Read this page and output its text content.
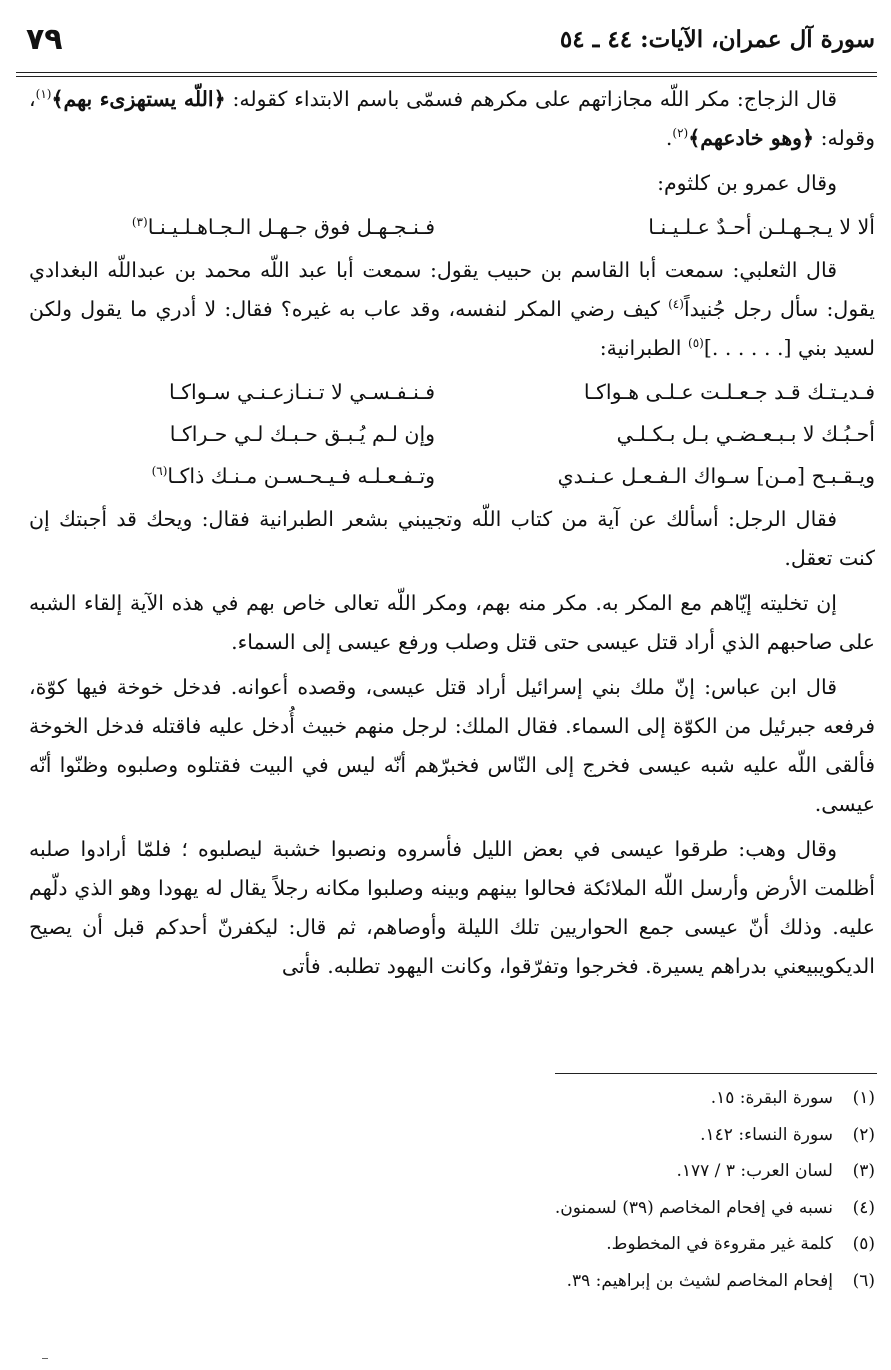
سورة آل عمران، الآيات: ٤٤ ـ ٥٤
٧٩

قال الزجاج: مكر اللّه مجازاتهم على مكرهم فسمّى باسم الابتداء كقوله: ﴿اللّه يستهزىء بهم﴾$^{(١)}$، وقوله: ﴿وهو خادعهم﴾$^{(٢)}$.

وقال عمرو بن كلثوم:

ألا لا يـجـهـلـن أحـدٌ عـلـيـنـا
فـنـجـهـل فوق جـهـل الـجـاهـلـيـنـا$^{(٣)}$

قال الثعلبي: سمعت أبا القاسم بن حبيب يقول: سمعت أبا عبد اللّه محمد بن عبداللّه البغدادي يقول: سأل رجل جُنيداً$^{(٤)}$ كيف رضي المكر لنفسه، وقد عاب به غيره؟ فقال: لا أدري ما يقول ولكن لسيد بني [. . . . . .]$^{(٥)}$ الطبرانية:

فـديـتـك قـد جـعـلـت عـلـى هـواكـا
فـنـفـسـي لا تـنـازعـنـي سـواكـا
أحـبُـك لا بـبـعـضـي بـل بـكـلـي
وإن لـم يُـبـق حـبـك لـي حـراكـا
ويـقـبـح [مـن] سـواك الـفـعـل عـنـدي
وتـفـعـلـه فـيـحـسـن مـنـك ذاكـا$^{(٦)}$

فقال الرجل: أسألك عن آية من كتاب اللّه وتجيبني بشعر الطبرانية فقال: ويحك قد أجبتك إن كنت تعقل.

إن تخليته إيّاهم مع المكر به. مكر منه بهم، ومكر اللّه تعالى خاص بهم في هذه الآية إلقاء الشبه على صاحبهم الذي أراد قتل عيسى حتى قتل وصلب ورفع عيسى إلى السماء.

قال ابن عباس: إنّ ملك بني إسرائيل أراد قتل عيسى، وقصده أعوانه. فدخل خوخة فيها كوّة، فرفعه جبرئيل من الكوّة إلى السماء. فقال الملك: لرجل منهم خبيث أُدخل عليه فاقتله فدخل الخوخة فألقى اللّه عليه شبه عيسى فخرج إلى النّاس فخبرّهم أنّه ليس في البيت فقتلوه وصلبوه وظنّوا أنّه عيسى.

وقال وهب: طرقوا عيسى في بعض الليل فأسروه ونصبوا خشبة ليصلبوه ؛ فلمّا أرادوا صلبه أظلمت الأرض وأرسل اللّه الملائكة فحالوا بينهم وبينه وصلبوا مكانه رجلاً يقال له يهودا وهو الذي دلّهم عليه. وذلك أنّ عيسى جمع الحواريين تلك الليلة وأوصاهم، ثم قال: ليكفرنّ أحدكم قبل أن يصيح الديكويبيعني بدراهم يسيرة. فخرجوا وتفرّقوا، وكانت اليهود تطلبه. فأتى

(١)
سورة البقرة: ١٥.
(٢)
سورة النساء: ١٤٢.
(٣)
لسان العرب: ٣ / ١٧٧.
(٤)
نسبه في إفحام المخاصم (٣٩) لسمنون.
(٥)
كلمة غير مقروءة في المخطوط.
(٦)
إفحام المخاصم لشيث بن إبراهيم: ٣٩.
